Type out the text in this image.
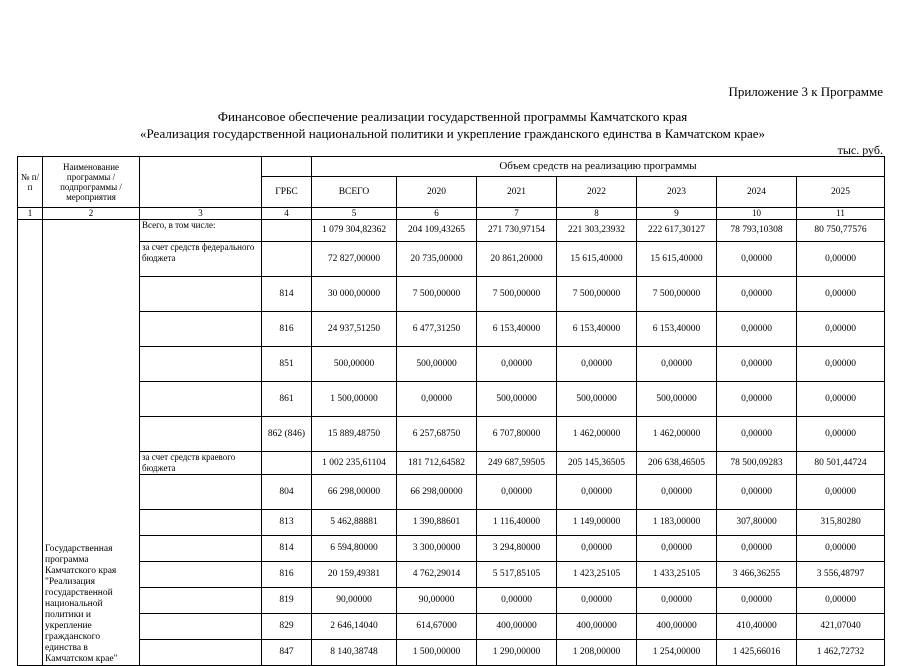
Приложение 3 к Программе
Финансовое обеспечение реализации государственной программы Камчатского края
«Реализация государственной национальной политики и укрепление гражданского единства в Камчатском крае»
тыс. руб.
№ п/п	Наименование программы / подпрограммы / мероприятия			Объем средств на реализацию программы						
			ГРБС	ВСЕГО	2020	2021	2022	2023	2024	2025
1	2	3	4	5	6	7	8	9	10	11
	Государственная программа Камчатского края "Реализация государственной национальной политики и укрепление гражданского единства в Камчатском крае"	Всего, в том числе:		1 079 304,82362	204 109,43265	271 730,97154	221 303,23932	222 617,30127	78 793,10308	80 750,77576
		за счет средств федерального бюджета		72 827,00000	20 735,00000	20 861,20000	15 615,40000	15 615,40000	0,00000	0,00000
			814	30 000,00000	7 500,00000	7 500,00000	7 500,00000	7 500,00000	0,00000	0,00000
			816	24 937,51250	6 477,31250	6 153,40000	6 153,40000	6 153,40000	0,00000	0,00000
			851	500,00000	500,00000	0,00000	0,00000	0,00000	0,00000	0,00000
			861	1 500,00000	0,00000	500,00000	500,00000	500,00000	0,00000	0,00000
			862 (846)	15 889,48750	6 257,68750	6 707,80000	1 462,00000	1 462,00000	0,00000	0,00000
		за счет средств краевого бюджета		1 002 235,61104	181 712,64582	249 687,59505	205 145,36505	206 638,46505	78 500,09283	80 501,44724
			804	66 298,00000	66 298,00000	0,00000	0,00000	0,00000	0,00000	0,00000
			813	5 462,88881	1 390,88601	1 116,40000	1 149,00000	1 183,00000	307,80000	315,80280
			814	6 594,80000	3 300,00000	3 294,80000	0,00000	0,00000	0,00000	0,00000
			816	20 159,49381	4 762,29014	5 517,85105	1 423,25105	1 433,25105	3 466,36255	3 556,48797
			819	90,00000	90,00000	0,00000	0,00000	0,00000	0,00000	0,00000
			829	2 646,14040	614,67000	400,00000	400,00000	400,00000	410,40000	421,07040
			847	8 140,38748	1 500,00000	1 290,00000	1 208,00000	1 254,00000	1 425,66016	1 462,72732
